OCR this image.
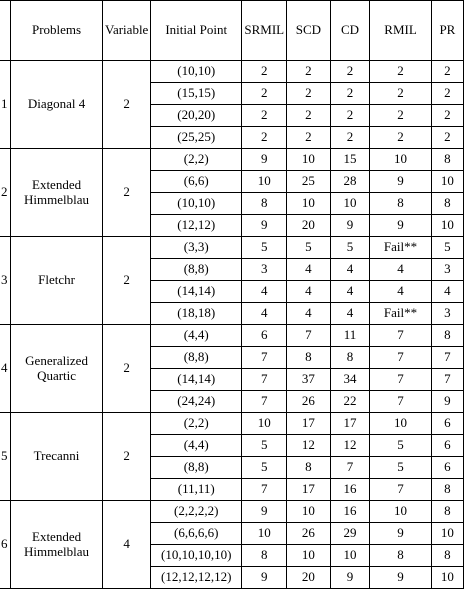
	Problems	Variable	Initial Point	SRMIL	SCD	CD	RMIL	PR
1	Diagonal 4	2	(10,10)	2	2	2	2	2
			(15,15)	2	2	2	2	2
			(20,20)	2	2	2	2	2
			(25,25)	2	2	2	2	2
2	Extended Himmelblau	2	(2,2)	9	10	15	10	8
			(6,6)	10	25	28	9	10
			(10,10)	8	10	10	8	8
			(12,12)	9	20	9	9	10
3	Fletchr	2	(3,3)	5	5	5	Fail**	5
			(8,8)	3	4	4	4	3
			(14,14)	4	4	4	4	4
			(18,18)	4	4	4	Fail**	3
4	Generalized Quartic	2	(4,4)	6	7	11	7	8
			(8,8)	7	8	8	7	7
			(14,14)	7	37	34	7	7
			(24,24)	7	26	22	7	9
5	Trecanni	2	(2,2)	10	17	17	10	6
			(4,4)	5	12	12	5	6
			(8,8)	5	8	7	5	6
			(11,11)	7	17	16	7	8
6	Extended Himmelblau	4	(2,2,2,2)	9	10	16	10	8
			(6,6,6,6)	10	26	29	9	10
			(10,10,10,10)	8	10	10	8	8
			(12,12,12,12)	9	20	9	9	10
